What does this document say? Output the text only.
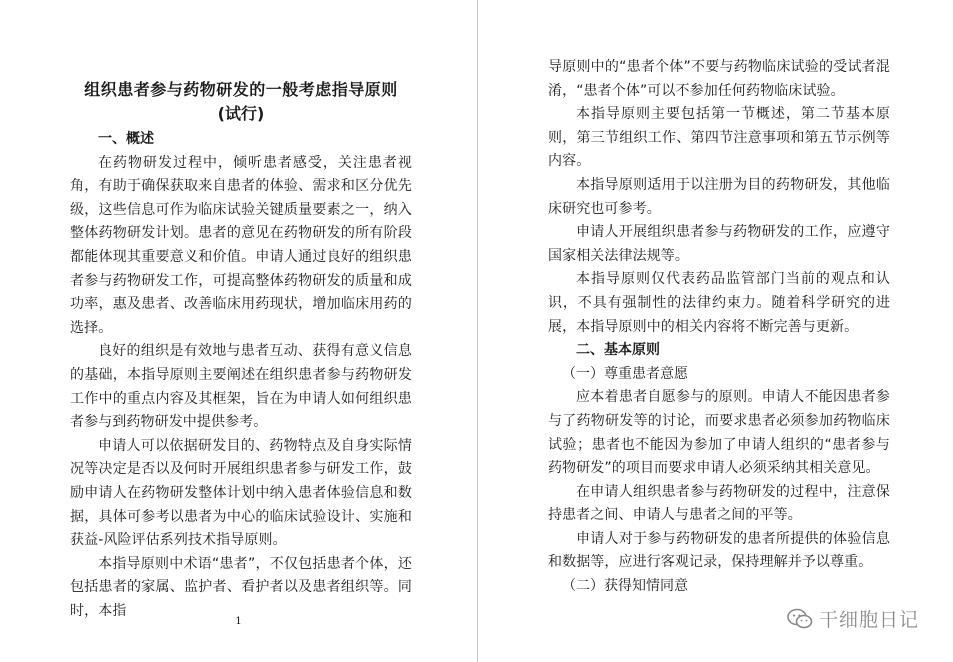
组织患者参与药物研发的一般考虑指导原则
(试行)
一、概述

在药物研发过程中，倾听患者感受，关注患者视角，有助于确保获取来自患者的体验、需求和区分优先级，这些信息可作为临床试验关键质量要素之一，纳入整体药物研发计划。患者的意见在药物研发的所有阶段都能体现其重要意义和价值。申请人通过良好的组织患者参与药物研发工作，可提高整体药物研发的质量和成功率，惠及患者、改善临床用药现状，增加临床用药的选择。

良好的组织是有效地与患者互动、获得有意义信息的基础，本指导原则主要阐述在组织患者参与药物研发工作中的重点内容及其框架，旨在为申请人如何组织患者参与到药物研发中提供参考。

申请人可以依据研发目的、药物特点及自身实际情况等决定是否以及何时开展组织患者参与研发工作，鼓励申请人在药物研发整体计划中纳入患者体验信息和数据，具体可参考以患者为中心的临床试验设计、实施和获益-风险评估系列技术指导原则。

本指导原则中术语“患者”，不仅包括患者个体，还包括患者的家属、监护者、看护者以及患者组织等。同时，本指

1

导原则中的“患者个体”不要与药物临床试验的受试者混淆，“患者个体”可以不参加任何药物临床试验。

本指导原则主要包括第一节概述，第二节基本原则，第三节组织工作、第四节注意事项和第五节示例等内容。

本指导原则适用于以注册为目的药物研发，其他临床研究也可参考。

申请人开展组织患者参与药物研发的工作，应遵守国家相关法律法规等。

本指导原则仅代表药品监管部门当前的观点和认识，不具有强制性的法律约束力。随着科学研究的进展，本指导原则中的相关内容将不断完善与更新。

二、基本原则
（一）尊重患者意愿

应本着患者自愿参与的原则。申请人不能因患者参与了药物研发等的讨论，而要求患者必须参加药物临床试验；患者也不能因为参加了申请人组织的“患者参与药物研发”的项目而要求申请人必须采纳其相关意见。

在申请人组织患者参与药物研发的过程中，注意保持患者之间、申请人与患者之间的平等。

申请人对于参与药物研发的患者所提供的体验信息和数据等，应进行客观记录，保持理解并予以尊重。

（二）获得知情同意
干细胞日记
